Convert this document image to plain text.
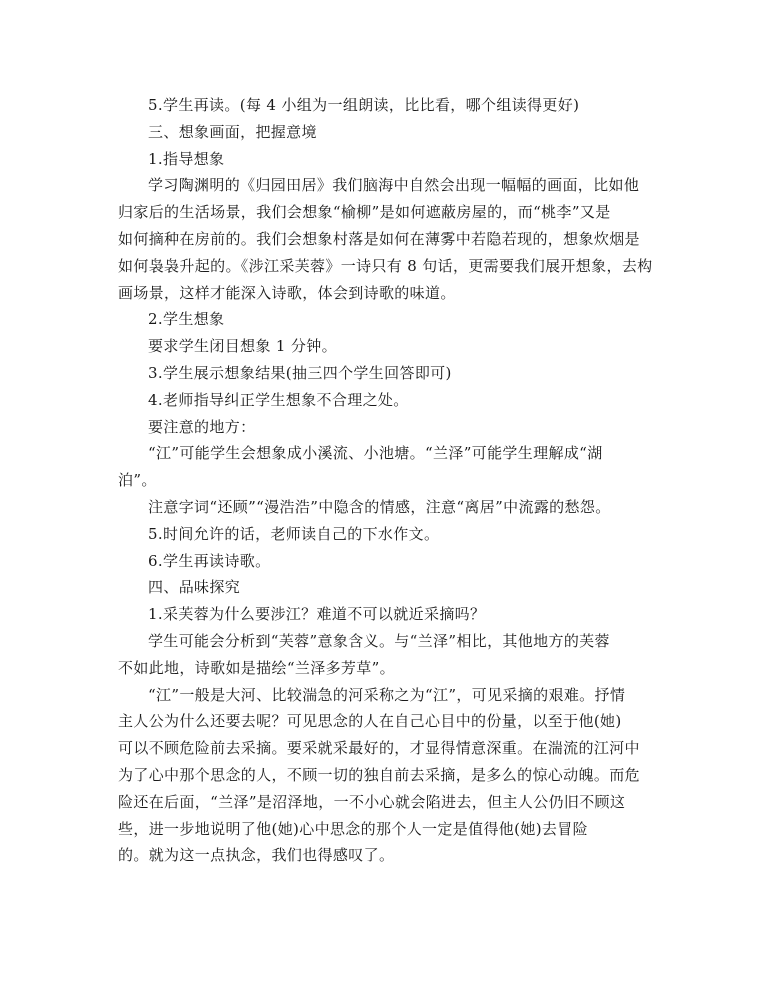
5.学生再读。(每 4 小组为一组朗读，比比看，哪个组读得更好)
三、想象画面，把握意境
1.指导想象
学习陶渊明的《归园田居》我们脑海中自然会出现一幅幅的画面，比如他
归家后的生活场景，我们会想象“榆柳”是如何遮蔽房屋的，而“桃李”又是
如何摘种在房前的。我们会想象村落是如何在薄雾中若隐若现的，想象炊烟是
如何袅袅升起的。《涉江采芙蓉》一诗只有 8 句话，更需要我们展开想象，去构
画场景，这样才能深入诗歌，体会到诗歌的味道。
2.学生想象
要求学生闭目想象 1 分钟。
3.学生展示想象结果(抽三四个学生回答即可)
4.老师指导纠正学生想象不合理之处。
要注意的地方：
“江”可能学生会想象成小溪流、小池塘。“兰泽”可能学生理解成“湖
泊”。
注意字词“还顾”“漫浩浩”中隐含的情感，注意“离居”中流露的愁怨。
5.时间允许的话，老师读自己的下水作文。
6.学生再读诗歌。
四、品味探究
1.采芙蓉为什么要涉江？难道不可以就近采摘吗？
学生可能会分析到“芙蓉”意象含义。与“兰泽”相比，其他地方的芙蓉
不如此地，诗歌如是描绘“兰泽多芳草”。
“江”一般是大河、比较湍急的河采称之为“江”，可见采摘的艰难。抒情
主人公为什么还要去呢？可见思念的人在自己心目中的份量，以至于他(她)
可以不顾危险前去采摘。要采就采最好的，才显得情意深重。在湍流的江河中
为了心中那个思念的人，不顾一切的独自前去采摘，是多么的惊心动魄。而危
险还在后面，“兰泽”是沼泽地，一不小心就会陷进去，但主人公仍旧不顾这
些，进一步地说明了他(她)心中思念的那个人一定是值得他(她)去冒险
的。就为这一点执念，我们也得感叹了。
